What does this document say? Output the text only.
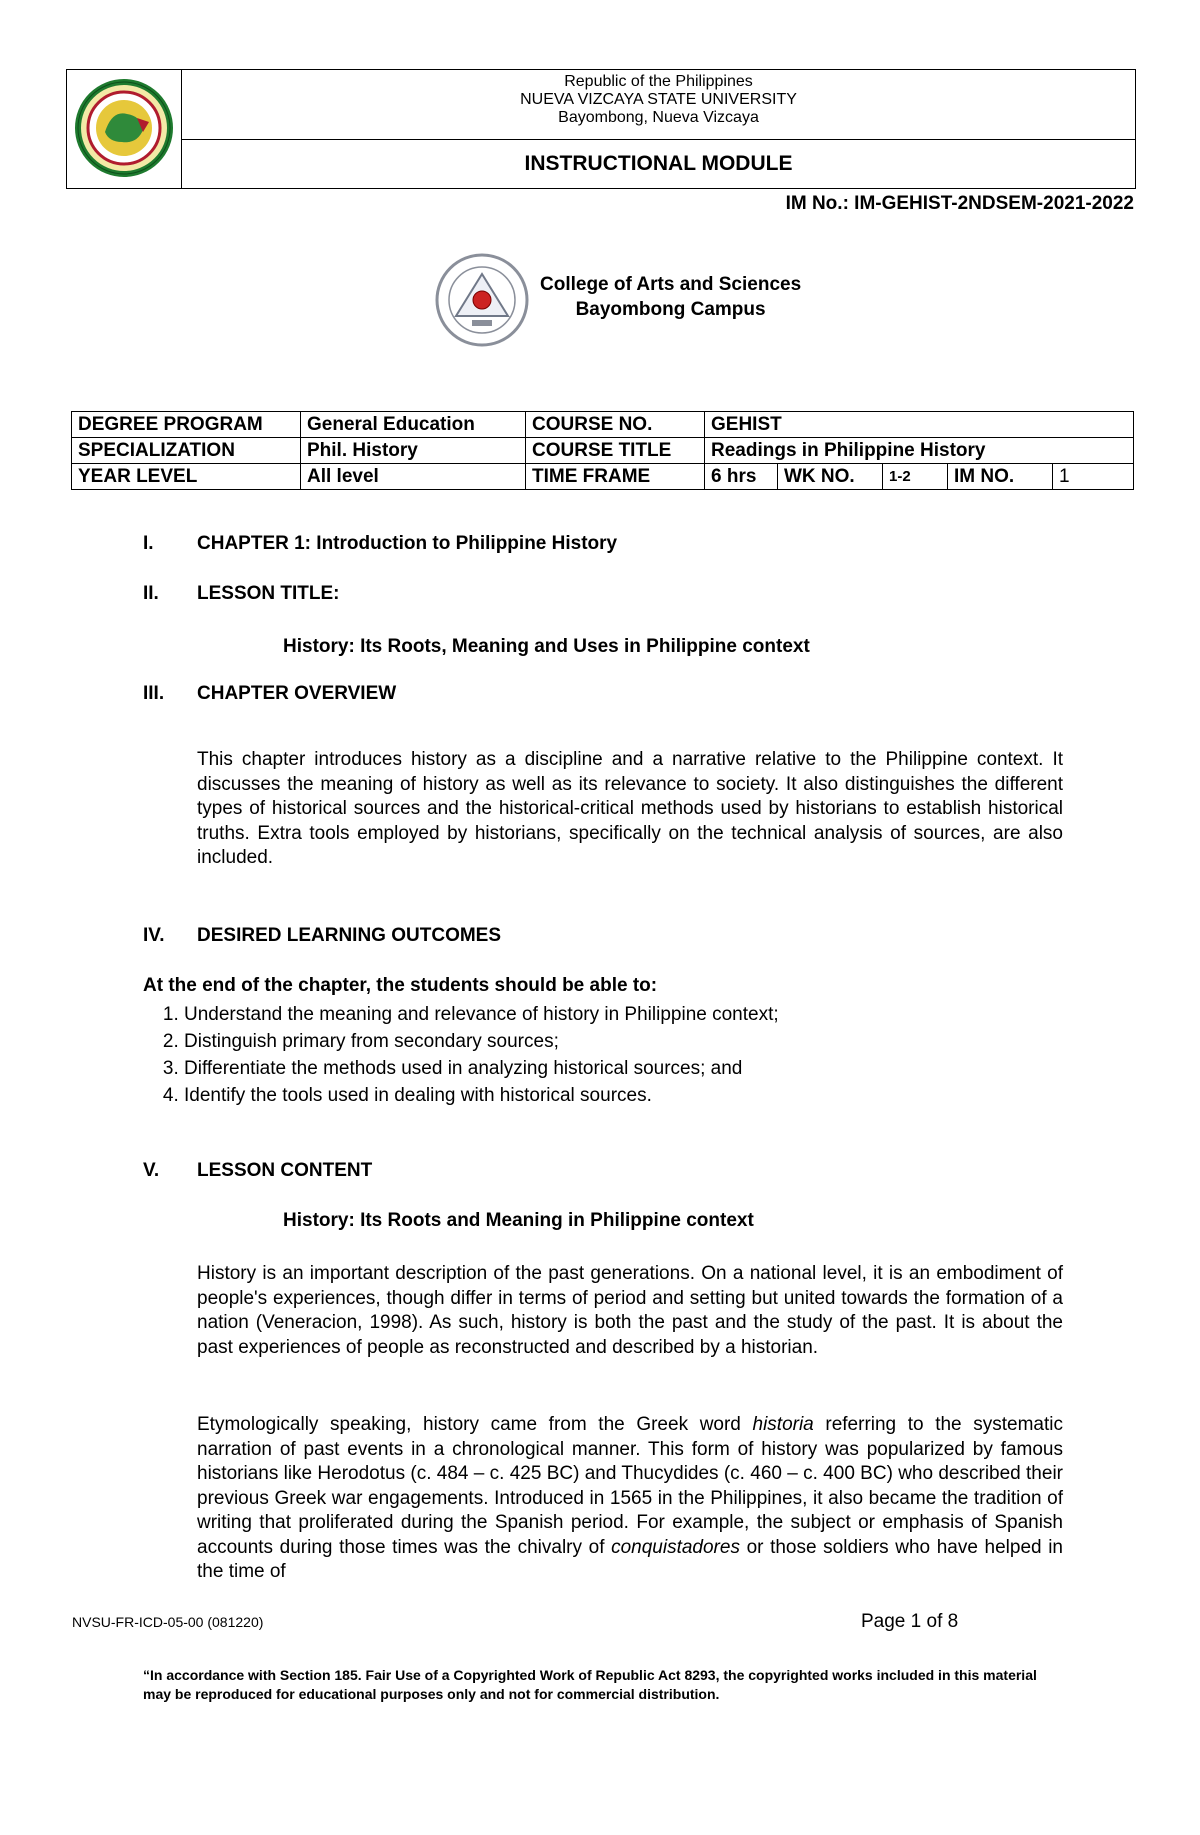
Republic of the Philippines
NUEVA VIZCAYA STATE UNIVERSITY
Bayombong, Nueva Vizcaya
INSTRUCTIONAL MODULE
IM No.: IM-GEHIST-2NDSEM-2021-2022
College of Arts and Sciences
Bayombong Campus
DEGREE PROGRAM	General Education	COURSE NO.	GEHIST				
SPECIALIZATION	Phil. History	COURSE TITLE	Readings in Philippine History				
YEAR LEVEL	All level	TIME FRAME	6 hrs	WK NO.	1-2	IM NO.	1
I. CHAPTER 1: Introduction to Philippine History
II. LESSON TITLE:
History: Its Roots, Meaning and Uses in Philippine context
III. CHAPTER OVERVIEW
This chapter introduces history as a discipline and a narrative relative to the Philippine context. It discusses the meaning of history as well as its relevance to society. It also distinguishes the different types of historical sources and the historical-critical methods used by historians to establish historical truths. Extra tools employed by historians, specifically on the technical analysis of sources, are also included.
IV. DESIRED LEARNING OUTCOMES
At the end of the chapter, the students should be able to:
1. Understand the meaning and relevance of history in Philippine context;
2. Distinguish primary from secondary sources;
3. Differentiate the methods used in analyzing historical sources; and
4. Identify the tools used in dealing with historical sources.
V. LESSON CONTENT
History: Its Roots and Meaning in Philippine context
History is an important description of the past generations. On a national level, it is an embodiment of people's experiences, though differ in terms of period and setting but united towards the formation of a nation (Veneracion, 1998). As such, history is both the past and the study of the past. It is about the past experiences of people as reconstructed and described by a historian.
Etymologically speaking, history came from the Greek word historia referring to the systematic narration of past events in a chronological manner. This form of history was popularized by famous historians like Herodotus (c. 484 – c. 425 BC) and Thucydides (c. 460 – c. 400 BC) who described their previous Greek war engagements. Introduced in 1565 in the Philippines, it also became the tradition of writing that proliferated during the Spanish period. For example, the subject or emphasis of Spanish accounts during those times was the chivalry of conquistadores or those soldiers who have helped in the time of
NVSU-FR-ICD-05-00 (081220)	Page 1 of 8
“In accordance with Section 185. Fair Use of a Copyrighted Work of Republic Act 8293, the copyrighted works included in this material may be reproduced for educational purposes only and not for commercial distribution.
